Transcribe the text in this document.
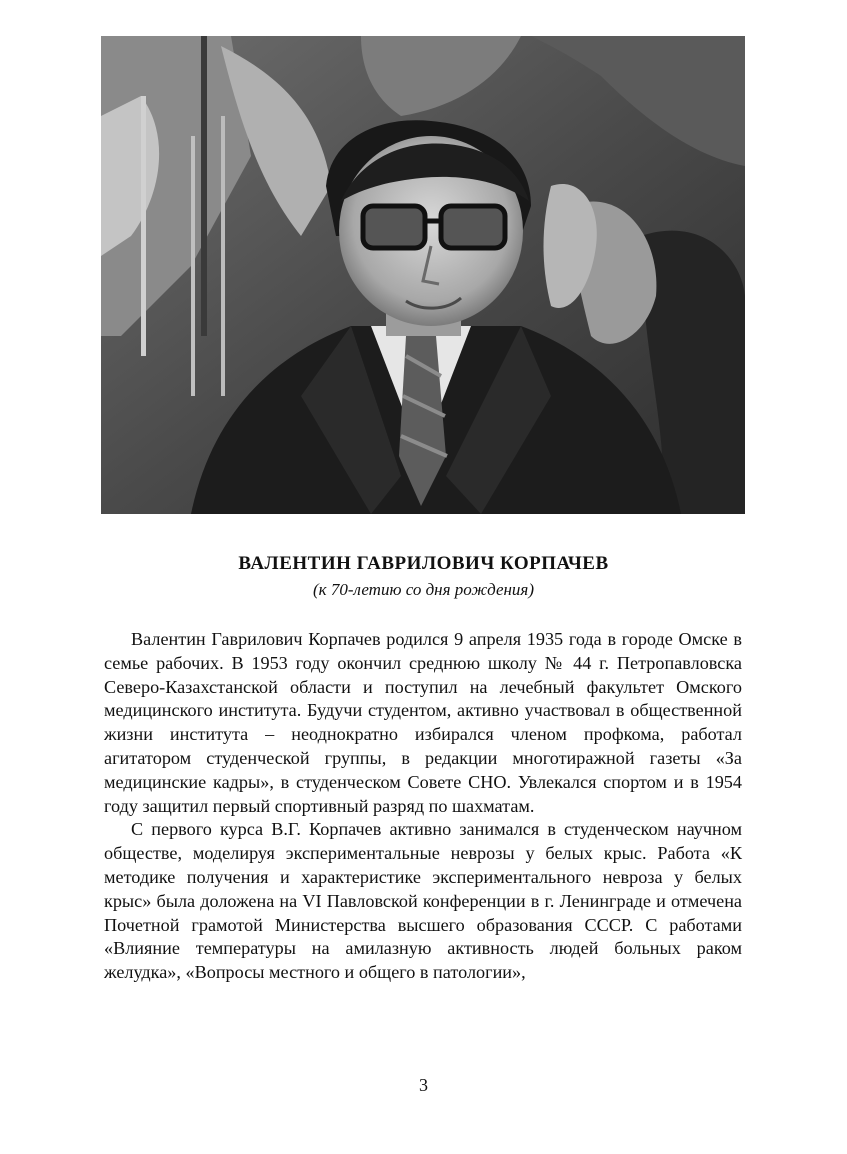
ВАЛЕНТИН ГАВРИЛОВИЧ КОРПАЧЕВ

(к 70-летию со дня рождения)

Валентин Гаврилович Корпачев родился 9 апреля 1935 года в городе Омске в семье рабочих. В 1953 году окончил среднюю школу № 44 г. Петропавловска Северо-Казахстанской области и поступил на лечебный факультет Омского медицинского института. Будучи студентом, активно участвовал в общественной жизни института – неоднократно избирался членом профкома, работал агитатором студенческой группы, в редакции многотиражной газеты «За медицинские кадры», в студенческом Совете СНО. Увлекался спортом и в 1954 году защитил первый спортивный разряд по шахматам.

С первого курса В.Г. Корпачев активно занимался в студенческом научном обществе, моделируя экспериментальные неврозы у белых крыс. Работа «К методике получения и характеристике экспериментального невроза у белых крыс» была доложена на VI Павловской конференции в г. Ленинграде и отмечена Почетной грамотой Министерства высшего образования СССР. С работами «Влияние температуры на амилазную активность людей больных раком желудка», «Вопросы местного и общего в патологии»,

3
